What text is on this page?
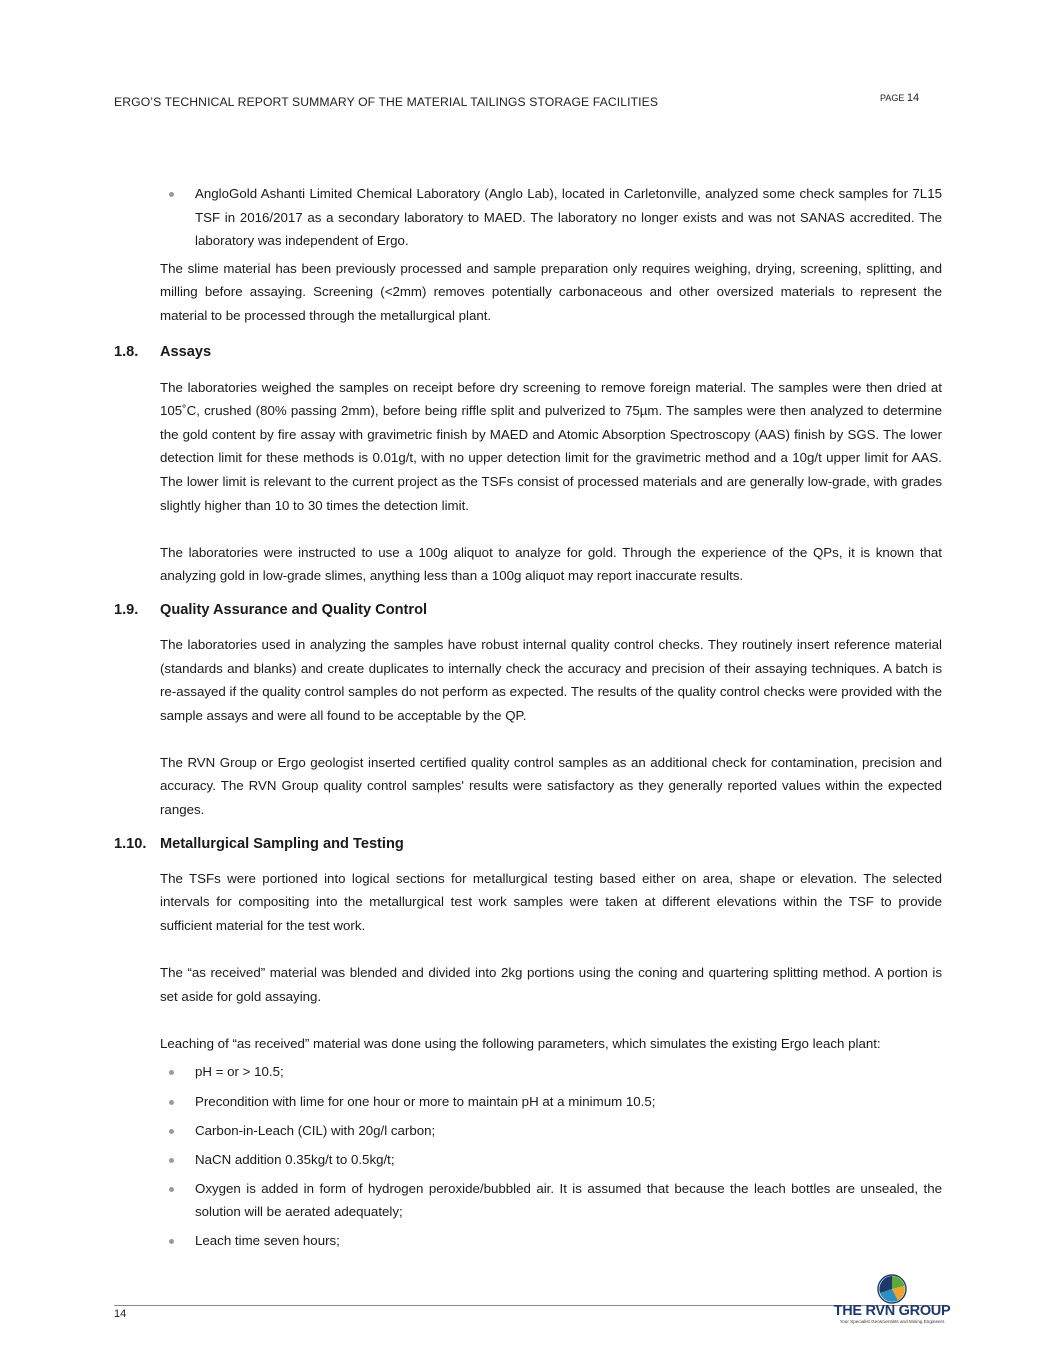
ERGO’S TECHNICAL REPORT SUMMARY OF THE MATERIAL TAILINGS STORAGE FACILITIES	PAGE 14
AngloGold Ashanti Limited Chemical Laboratory (Anglo Lab), located in Carletonville, analyzed some check samples for 7L15 TSF in 2016/2017 as a secondary laboratory to MAED. The laboratory no longer exists and was not SANAS accredited. The laboratory was independent of Ergo.

The slime material has been previously processed and sample preparation only requires weighing, drying, screening, splitting, and milling before assaying. Screening (<2mm) removes potentially carbonaceous and other oversized materials to represent the material to be processed through the metallurgical plant.

1.8.	Assays

The laboratories weighed the samples on receipt before dry screening to remove foreign material. The samples were then dried at 105˚C, crushed (80% passing 2mm), before being riffle split and pulverized to 75µm. The samples were then analyzed to determine the gold content by fire assay with gravimetric finish by MAED and Atomic Absorption Spectroscopy (AAS) finish by SGS. The lower detection limit for these methods is 0.01g/t, with no upper detection limit for the gravimetric method and a 10g/t upper limit for AAS. The lower limit is relevant to the current project as the TSFs consist of processed materials and are generally low-grade, with grades slightly higher than 10 to 30 times the detection limit.

The laboratories were instructed to use a 100g aliquot to analyze for gold. Through the experience of the QPs, it is known that analyzing gold in low-grade slimes, anything less than a 100g aliquot may report inaccurate results.

1.9.	Quality Assurance and Quality Control

The laboratories used in analyzing the samples have robust internal quality control checks. They routinely insert reference material (standards and blanks) and create duplicates to internally check the accuracy and precision of their assaying techniques. A batch is re-assayed if the quality control samples do not perform as expected. The results of the quality control checks were provided with the sample assays and were all found to be acceptable by the QP.

The RVN Group or Ergo geologist inserted certified quality control samples as an additional check for contamination, precision and accuracy. The RVN Group quality control samples' results were satisfactory as they generally reported values within the expected ranges.

1.10. Metallurgical Sampling and Testing

The TSFs were portioned into logical sections for metallurgical testing based either on area, shape or elevation. The selected intervals for compositing into the metallurgical test work samples were taken at different elevations within the TSF to provide sufficient material for the test work.

The “as received” material was blended and divided into 2kg portions using the coning and quartering splitting method. A portion is set aside for gold assaying.

Leaching of “as received” material was done using the following parameters, which simulates the existing Ergo leach plant:

pH = or > 10.5;
Precondition with lime for one hour or more to maintain pH at a minimum 10.5;
Carbon-in-Leach (CIL) with 20g/l carbon;
NaCN addition 0.35kg/t to 0.5kg/t;
Oxygen is added in form of hydrogen peroxide/bubbled air. It is assumed that because the leach bottles are unsealed, the solution will be aerated adequately;
Leach time seven hours;
14	THE RVN GROUP
Your Specialist Geoscientists and Mining Engineers
